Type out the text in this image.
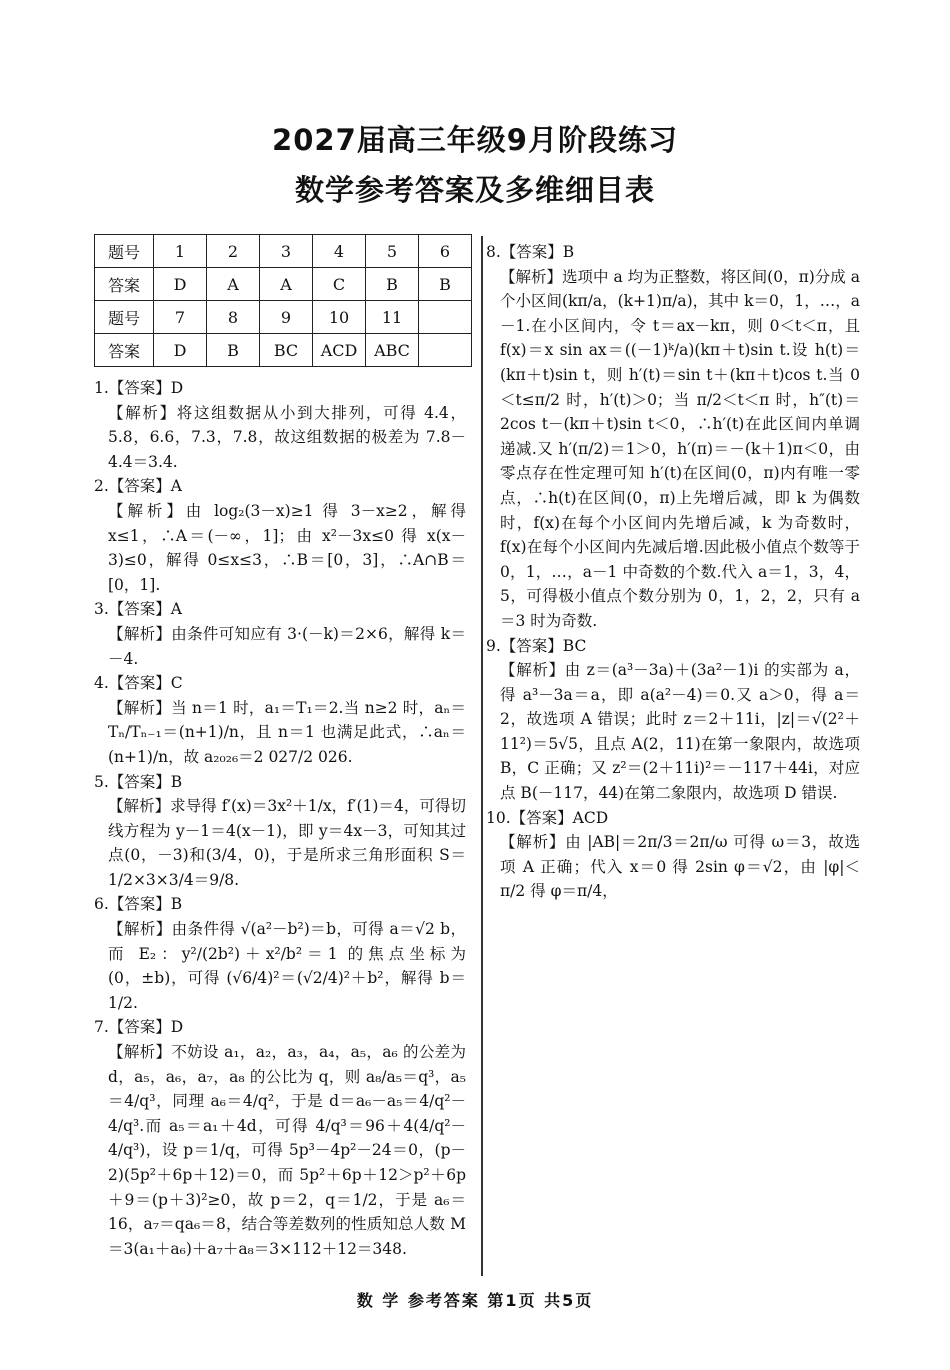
2027届高三年级9月阶段练习
数学参考答案及多维细目表
题号	1	2	3	4	5	6
答案	D	A	A	C	B	B
题号	7	8	9	10	11	
答案	D	B	BC	ACD	ABC	
1.【答案】D
【解析】将这组数据从小到大排列，可得 4.4，5.8，6.6，7.3，7.8，故这组数据的极差为 7.8－4.4＝3.4.
2.【答案】A
【解析】由 log₂(3－x)≥1 得 3－x≥2，解得 x≤1，∴A＝(－∞，1]；由 x²－3x≤0 得 x(x－3)≤0，解得 0≤x≤3，∴B＝[0，3]，∴A∩B＝[0，1].
3.【答案】A
【解析】由条件可知应有 3·(－k)＝2×6，解得 k＝－4.
4.【答案】C
【解析】当 n＝1 时，a₁＝T₁＝2.当 n≥2 时，aₙ＝Tₙ/Tₙ₋₁＝(n+1)/n，且 n＝1 也满足此式，∴aₙ＝(n+1)/n，故 a₂₀₂₆＝2 027/2 026.
5.【答案】B
【解析】求导得 f′(x)＝3x²＋1/x，f′(1)＝4，可得切线方程为 y－1＝4(x－1)，即 y＝4x－3，可知其过点(0，－3)和(3/4，0)，于是所求三角形面积 S＝1/2×3×3/4＝9/8.
6.【答案】B
【解析】由条件得 √(a²－b²)＝b，可得 a＝√2 b，而 E₂：y²/(2b²)＋x²/b²＝1 的焦点坐标为(0，±b)，可得 (√6/4)²＝(√2/4)²＋b²，解得 b＝1/2.
7.【答案】D
【解析】不妨设 a₁，a₂，a₃，a₄，a₅，a₆ 的公差为 d，a₅，a₆，a₇，a₈ 的公比为 q，则 a₈/a₅＝q³，a₅＝4/q³，同理 a₆＝4/q²，于是 d＝a₆－a₅＝4/q²－4/q³.而 a₅＝a₁＋4d，可得 4/q³＝96＋4(4/q²－4/q³)，设 p＝1/q，可得 5p³－4p²－24＝0，(p－2)(5p²＋6p＋12)＝0，而 5p²＋6p＋12＞p²＋6p＋9＝(p＋3)²≥0，故 p＝2，q＝1/2，于是 a₆＝16，a₇＝qa₆＝8，结合等差数列的性质知总人数 M＝3(a₁＋a₆)＋a₇＋a₈＝3×112＋12＝348.
8.【答案】B
【解析】选项中 a 均为正整数，将区间(0，π)分成 a 个小区间(kπ/a，(k+1)π/a)，其中 k＝0，1，…，a－1.在小区间内，令 t＝ax－kπ，则 0＜t＜π，且 f(x)＝x sin ax＝((－1)ᵏ/a)(kπ＋t)sin t.设 h(t)＝(kπ＋t)sin t，则 h′(t)＝sin t＋(kπ＋t)cos t.当 0＜t≤π/2 时，h′(t)＞0；当 π/2＜t＜π 时，h″(t)＝2cos t－(kπ＋t)sin t＜0，∴h′(t)在此区间内单调递减.又 h′(π/2)＝1＞0，h′(π)＝－(k＋1)π＜0，由零点存在性定理可知 h′(t)在区间(0，π)内有唯一零点，∴h(t)在区间(0，π)上先增后减，即 k 为偶数时，f(x)在每个小区间内先增后减，k 为奇数时，f(x)在每个小区间内先减后增.因此极小值点个数等于 0，1，…，a－1 中奇数的个数.代入 a＝1，3，4，5，可得极小值点个数分别为 0，1，2，2，只有 a＝3 时为奇数.
9.【答案】BC
【解析】由 z＝(a³－3a)＋(3a²－1)i 的实部为 a，得 a³－3a＝a，即 a(a²－4)＝0.又 a＞0，得 a＝2，故选项 A 错误；此时 z＝2＋11i，|z|＝√(2²＋11²)＝5√5，且点 A(2，11)在第一象限内，故选项 B，C 正确；又 z²＝(2＋11i)²＝－117＋44i，对应点 B(－117，44)在第二象限内，故选项 D 错误.
10.【答案】ACD
【解析】由 |AB|＝2π/3＝2π/ω 可得 ω＝3，故选项 A 正确；代入 x＝0 得 2sin φ＝√2，由 |φ|＜π/2 得 φ＝π/4，
数 学 参考答案 第1页 共5页
